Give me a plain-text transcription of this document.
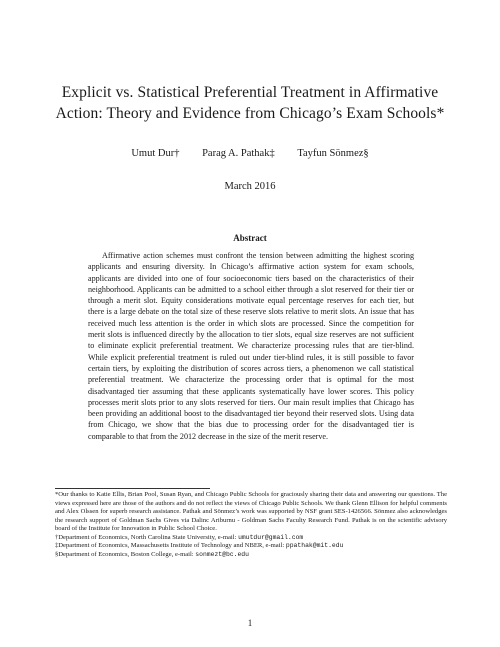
Explicit vs. Statistical Preferential Treatment in Affirmative
Action: Theory and Evidence from Chicago’s Exam Schools*
Umut Dur† Parag A. Pathak‡ Tayfun Sönmez§
March 2016
Abstract

Affirmative action schemes must confront the tension between admitting the highest scoring applicants and ensuring diversity. In Chicago’s affirmative action system for exam schools, applicants are divided into one of four socioeconomic tiers based on the characteristics of their neighborhood. Applicants can be admitted to a school either through a slot reserved for their tier or through a merit slot. Equity considerations motivate equal percentage reserves for each tier, but there is a large debate on the total size of these reserve slots relative to merit slots. An issue that has received much less attention is the order in which slots are processed. Since the competition for merit slots is influenced directly by the allocation to tier slots, equal size reserves are not sufficient to eliminate explicit preferential treatment. We characterize processing rules that are tier-blind. While explicit preferential treatment is ruled out under tier-blind rules, it is still possible to favor certain tiers, by exploiting the distribution of scores across tiers, a phenomenon we call statistical preferential treatment. We characterize the processing order that is optimal for the most disadvantaged tier assuming that these applicants systematically have lower scores. This policy processes merit slots prior to any slots reserved for tiers. Our main result implies that Chicago has been providing an additional boost to the disadvantaged tier beyond their reserved slots. Using data from Chicago, we show that the bias due to processing order for the disadvantaged tier is comparable to that from the 2012 decrease in the size of the merit reserve.

*Our thanks to Katie Ellis, Brian Pool, Susan Ryan, and Chicago Public Schools for graciously sharing their data and answering our questions. The views expressed here are those of the authors and do not reflect the views of Chicago Public Schools. We thank Glenn Ellison for helpful comments and Alex Olssen for superb research assistance. Pathak and Sönmez’s work was supported by NSF grant SES-1426566. Sönmez also acknowledges the research support of Goldman Sachs Gives via Dalinc Ariburnu - Goldman Sachs Faculty Research Fund. Pathak is on the scientific advisory board of the Institute for Innovation in Public School Choice.

†Department of Economics, North Carolina State University, e-mail: umutdur@gmail.com

‡Department of Economics, Massachusetts Institute of Technology and NBER, e-mail: ppathak@mit.edu

§Department of Economics, Boston College, e-mail: sonmezt@bc.edu

1
